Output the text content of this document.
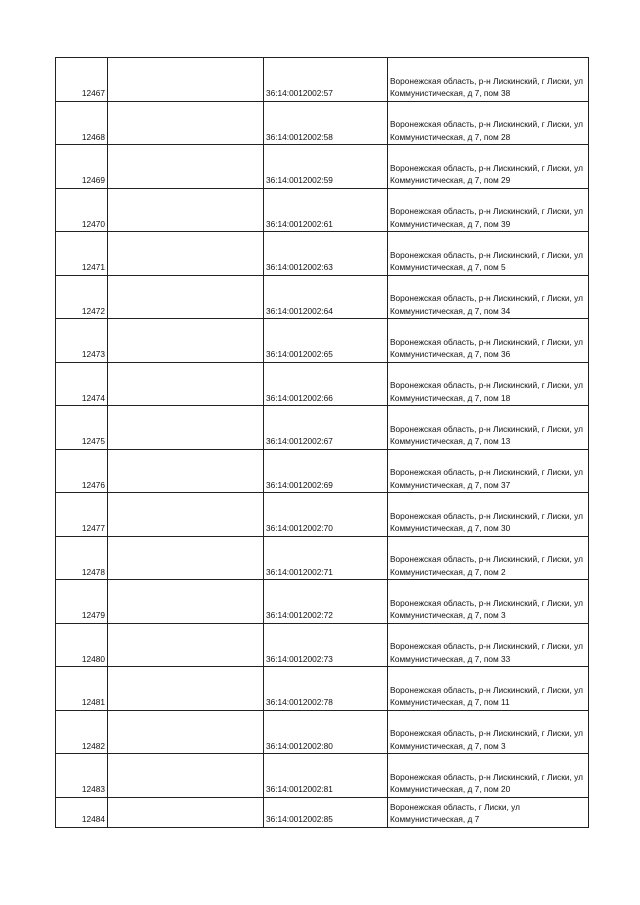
12467		36:14:0012002:57	Воронежская область, р-н Лискинский, г Лиски, ул Коммунистическая, д 7, пом 38
12468		36:14:0012002:58	Воронежская область, р-н Лискинский, г Лиски, ул Коммунистическая, д 7, пом 28
12469		36:14:0012002:59	Воронежская область, р-н Лискинский, г Лиски, ул Коммунистическая, д 7, пом 29
12470		36:14:0012002:61	Воронежская область, р-н Лискинский, г Лиски, ул Коммунистическая, д 7, пом 39
12471		36:14:0012002:63	Воронежская область, р-н Лискинский, г Лиски, ул Коммунистическая, д 7, пом 5
12472		36:14:0012002:64	Воронежская область, р-н Лискинский, г Лиски, ул Коммунистическая, д 7, пом 34
12473		36:14:0012002:65	Воронежская область, р-н Лискинский, г Лиски, ул Коммунистическая, д 7, пом 36
12474		36:14:0012002:66	Воронежская область, р-н Лискинский, г Лиски, ул Коммунистическая, д 7, пом 18
12475		36:14:0012002:67	Воронежская область, р-н Лискинский, г Лиски, ул Коммунистическая, д 7, пом 13
12476		36:14:0012002:69	Воронежская область, р-н Лискинский, г Лиски, ул Коммунистическая, д 7, пом 37
12477		36:14:0012002:70	Воронежская область, р-н Лискинский, г Лиски, ул Коммунистическая, д 7, пом 30
12478		36:14:0012002:71	Воронежская область, р-н Лискинский, г Лиски, ул Коммунистическая, д 7, пом 2
12479		36:14:0012002:72	Воронежская область, р-н Лискинский, г Лиски, ул Коммунистическая, д 7, пом 3
12480		36:14:0012002:73	Воронежская область, р-н Лискинский, г Лиски, ул Коммунистическая, д 7, пом 33
12481		36:14:0012002:78	Воронежская область, р-н Лискинский, г Лиски, ул Коммунистическая, д 7, пом 11
12482		36:14:0012002:80	Воронежская область, р-н Лискинский, г Лиски, ул Коммунистическая, д 7, пом 3
12483		36:14:0012002:81	Воронежская область, р-н Лискинский, г Лиски, ул Коммунистическая, д 7, пом 20
12484		36:14:0012002:85	Воронежская область, г Лиски, ул Коммунистическая, д 7
